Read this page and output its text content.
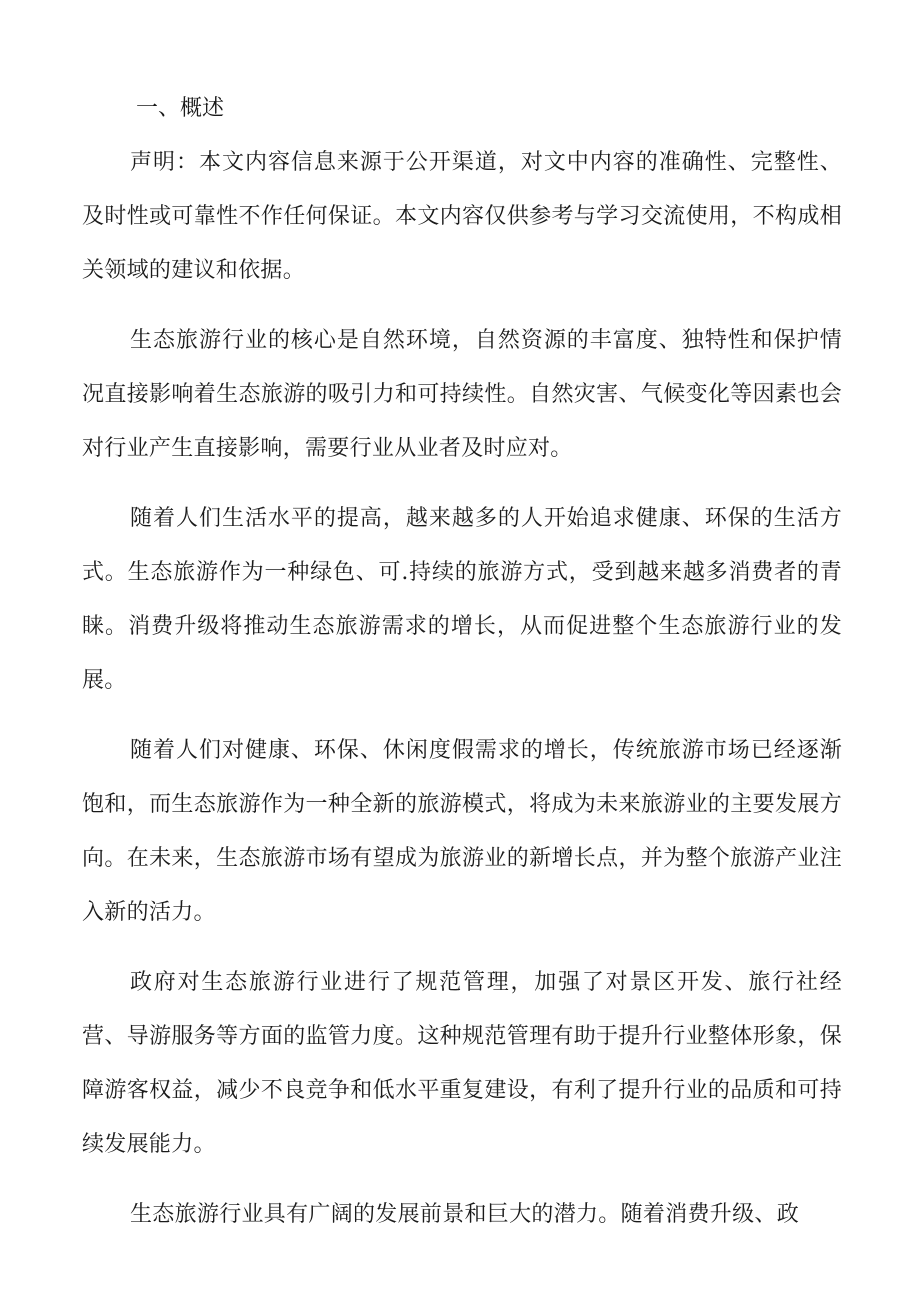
一、概述

声明：本文内容信息来源于公开渠道，对文中内容的准确性、完整性、及时性或可靠性不作任何保证。本文内容仅供参考与学习交流使用，不构成相关领域的建议和依据。

生态旅游行业的核心是自然环境，自然资源的丰富度、独特性和保护情况直接影响着生态旅游的吸引力和可持续性。自然灾害、气候变化等因素也会对行业产生直接影响，需要行业从业者及时应对。

随着人们生活水平的提高，越来越多的人开始追求健康、环保的生活方式。生态旅游作为一种绿色、可.持续的旅游方式，受到越来越多消费者的青睐。消费升级将推动生态旅游需求的增长，从而促进整个生态旅游行业的发展。

随着人们对健康、环保、休闲度假需求的增长，传统旅游市场已经逐渐饱和，而生态旅游作为一种全新的旅游模式，将成为未来旅游业的主要发展方向。在未来，生态旅游市场有望成为旅游业的新增长点，并为整个旅游产业注入新的活力。

政府对生态旅游行业进行了规范管理，加强了对景区开发、旅行社经营、导游服务等方面的监管力度。这种规范管理有助于提升行业整体形象，保障游客权益，减少不良竞争和低水平重复建设，有利了提升行业的品质和可持续发展能力。

生态旅游行业具有广阔的发展前景和巨大的潜力。随着消费升级、政
